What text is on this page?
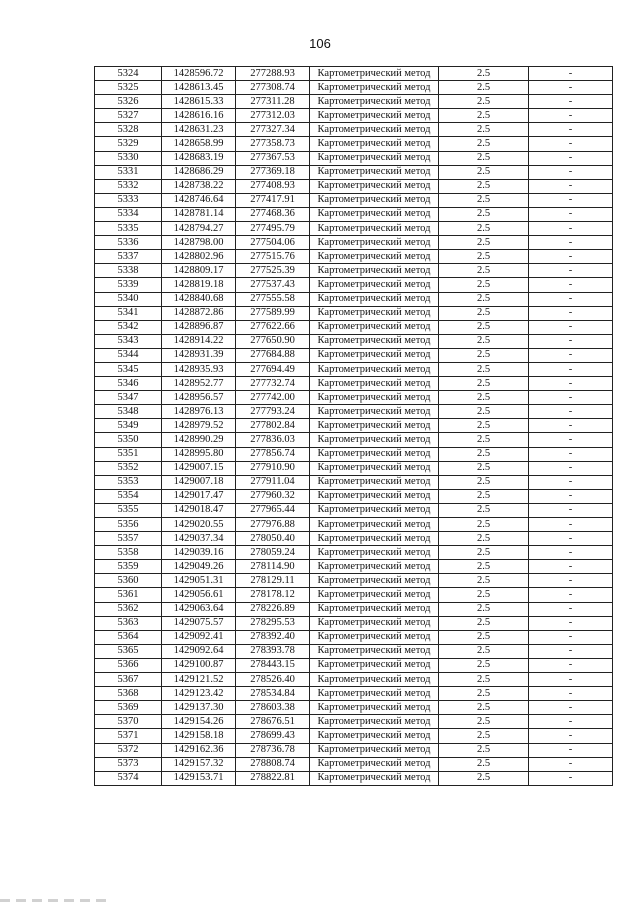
106
5324	1428596.72	277288.93	Картометрический метод	2.5	-
5325	1428613.45	277308.74	Картометрический метод	2.5	-
5326	1428615.33	277311.28	Картометрический метод	2.5	-
5327	1428616.16	277312.03	Картометрический метод	2.5	-
5328	1428631.23	277327.34	Картометрический метод	2.5	-
5329	1428658.99	277358.73	Картометрический метод	2.5	-
5330	1428683.19	277367.53	Картометрический метод	2.5	-
5331	1428686.29	277369.18	Картометрический метод	2.5	-
5332	1428738.22	277408.93	Картометрический метод	2.5	-
5333	1428746.64	277417.91	Картометрический метод	2.5	-
5334	1428781.14	277468.36	Картометрический метод	2.5	-
5335	1428794.27	277495.79	Картометрический метод	2.5	-
5336	1428798.00	277504.06	Картометрический метод	2.5	-
5337	1428802.96	277515.76	Картометрический метод	2.5	-
5338	1428809.17	277525.39	Картометрический метод	2.5	-
5339	1428819.18	277537.43	Картометрический метод	2.5	-
5340	1428840.68	277555.58	Картометрический метод	2.5	-
5341	1428872.86	277589.99	Картометрический метод	2.5	-
5342	1428896.87	277622.66	Картометрический метод	2.5	-
5343	1428914.22	277650.90	Картометрический метод	2.5	-
5344	1428931.39	277684.88	Картометрический метод	2.5	-
5345	1428935.93	277694.49	Картометрический метод	2.5	-
5346	1428952.77	277732.74	Картометрический метод	2.5	-
5347	1428956.57	277742.00	Картометрический метод	2.5	-
5348	1428976.13	277793.24	Картометрический метод	2.5	-
5349	1428979.52	277802.84	Картометрический метод	2.5	-
5350	1428990.29	277836.03	Картометрический метод	2.5	-
5351	1428995.80	277856.74	Картометрический метод	2.5	-
5352	1429007.15	277910.90	Картометрический метод	2.5	-
5353	1429007.18	277911.04	Картометрический метод	2.5	-
5354	1429017.47	277960.32	Картометрический метод	2.5	-
5355	1429018.47	277965.44	Картометрический метод	2.5	-
5356	1429020.55	277976.88	Картометрический метод	2.5	-
5357	1429037.34	278050.40	Картометрический метод	2.5	-
5358	1429039.16	278059.24	Картометрический метод	2.5	-
5359	1429049.26	278114.90	Картометрический метод	2.5	-
5360	1429051.31	278129.11	Картометрический метод	2.5	-
5361	1429056.61	278178.12	Картометрический метод	2.5	-
5362	1429063.64	278226.89	Картометрический метод	2.5	-
5363	1429075.57	278295.53	Картометрический метод	2.5	-
5364	1429092.41	278392.40	Картометрический метод	2.5	-
5365	1429092.64	278393.78	Картометрический метод	2.5	-
5366	1429100.87	278443.15	Картометрический метод	2.5	-
5367	1429121.52	278526.40	Картометрический метод	2.5	-
5368	1429123.42	278534.84	Картометрический метод	2.5	-
5369	1429137.30	278603.38	Картометрический метод	2.5	-
5370	1429154.26	278676.51	Картометрический метод	2.5	-
5371	1429158.18	278699.43	Картометрический метод	2.5	-
5372	1429162.36	278736.78	Картометрический метод	2.5	-
5373	1429157.32	278808.74	Картометрический метод	2.5	-
5374	1429153.71	278822.81	Картометрический метод	2.5	-
